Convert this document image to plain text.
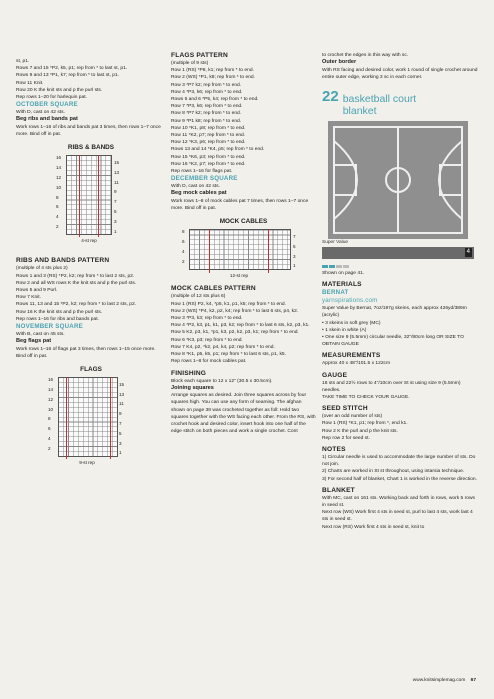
st, p1.

Rows 7 and 15 *P2, k5, p1; rep from * to last st, p1.

Rows 9 and 13 *P1, k7; rep from * to last st, p1.

Row 11 Knit.

Row 20 K the knit sts and p the purl sts.

Rep rows 1–20 for harlequin pat.

OCTOBER SQUARE

With D, cast on 42 sts.

Beg ribs and bands pat

Work rows 1–16 of ribs and bands pat 3 times, then rows 1–7 once more. Bind off in pat.

RIBS & BANDS
16
14
12
10
8
6
4
2
15
13
11
9
7
5
3
1
4-st rep
RIBS AND BANDS PATTERN

(multiple of 4 sts plus 2)

Rows 1 and 3 (RS) *P2, k2; rep from * to last 2 sts, p2.

Row 2 and all WS rows K the knit sts and p the purl sts.

Rows 5 and 9 Purl.

Row 7 Knit.

Rows 11, 13 and 15 *P2, k2; rep from * to last 2 sts, p2.

Row 16 K the knit sts and p the purl sts.

Rep rows 1–16 for ribs and bands pat.

NOVEMBER SQUARE

With B, cast on 45 sts.

Beg flags pat

Work rows 1–16 of flags pat 3 times, then rows 1–15 once more. Bind off in pat.

FLAGS
16
14
12
10
8
6
4
2
15
13
11
9
7
5
3
1
9-st rep
FLAGS PATTERN

(multiple of 9 sts)

Row 1 (RS) *P8, k1; rep from * to end.

Row 2 (WS) *P1, k8; rep from * to end.

Row 3 *P7 k2; rep from * to end.

Row 4 *P3, k6; rep from * to end.

Rows 5 and 6 *P5, k4; rep from * to end.

Row 7 *P3, k6; rep from * to end.

Row 8 *P7 k2; rep from * to end.

Row 9 *P1 k8; rep from * to end.

Row 10 *K1, p8; rep from * to end.

Row 11 *K2, p7; rep from * to end.

Row 12 *K3, p6; rep from * to end.

Rows 13 and 14 *K4, p5; rep from * to end.

Row 15 *K6, p3; rep from * to end.

Row 16 *K2, p7; rep from * to end.

Rep rows 1–16 for flags pat.

DECEMBER SQUARE

With D, cast on 42 sts.

Beg mock cables pat

Work rows 1–8 of mock cables pat 7 times, then rows 1–7 once more. Bind off in pat.

MOCK CABLES
8
6
4
2
7
5
3
1
12-st rep
MOCK CABLES PATTERN

(multiple of 12 sts plus 6)

Row 1 (RS) P2, k4, *p5, k1, p1, k5; rep from * to end.

Row 2 (WS) *P4, k2, p2, k4; rep from * to last 6 sts, p4, k2.

Row 3 *P3, k3; rep from * to end.

Row 4 *P2, k3, p1, k1, p3, k2; rep from * to last 6 sts, k2, p3, k1.

Row 5 K2, p3, k1, *p1, k3, p2, k2, p3, k1; rep from * to end.

Row 6 *K3, p3; rep from * to end.

Row 7 K4, p2, *k2, p4, k4, p2; rep from * to end.

Row 8 *K1, p5, k5, p1; rep from * to last 6 sts, p1, k5.

Rep rows 1–8 for mock cables pat.

FINISHING

Block each square to 12 x 12" (30.5 x 30.5cm).

Joining squares

Arrange squares as desired. Join three squares across by four squares high. You can use any form of seaming. The afghan shown on page 38 was crocheted together as foll: Hold two squares together with the WS facing each other. From the RS, with crochet hook and desired color, insert hook into one half of the edge stitch on both pieces and work a single crochet. Cont

to crochet the edges in this way with sc.

Outer border

With RS facing and desired color, work 1 round of single crochet around entire outer edge, working 3 sc in each corner.

22 basketball court blanket
Super Value
4
Shown on page 41.
MATERIALS
BERNAT
yarnspirations.com

Super Value by Bernat, 7oz/197g skeins, each approx 426yd/389m (acrylic)

• 3 skeins in soft grey (MC)

• 1 skein in white (A)

• One size 9 (5.5mm) circular needle, 32"/80cm long OR SIZE TO OBTAIN GAUGE

MEASUREMENTS

Approx 40 x 48"/101.5 x 122cm

GAUGE

16 sts and 22½ rows to 4"/10cm over St st using size 9 (5.5mm) needles.

TAKE TIME TO CHECK YOUR GAUGE.

SEED STITCH

(over an odd number of sts)

Row 1 (RS) *K1, p1; rep from *, end k1.

Row 2 K the purl and p the knit sts.

Rep row 2 for seed st.

NOTES

1) Circular needle is used to accommodate the large number of sts. Do not join.

2) Charts are worked in St st throughout, using intarsia technique.

3) For second half of blanket, Chart 1 is worked in the reverse direction.

BLANKET

With MC, cast on 161 sts. Working back and forth in rows, work 5 rows in seed st.

Next row (WS) Work first 4 sts in seed st, purl to last 4 sts, work last 4 sts in seed st.

Next row (RS) Work first 4 sts in seed st, knit to

www.knitsimplemag.com 67
